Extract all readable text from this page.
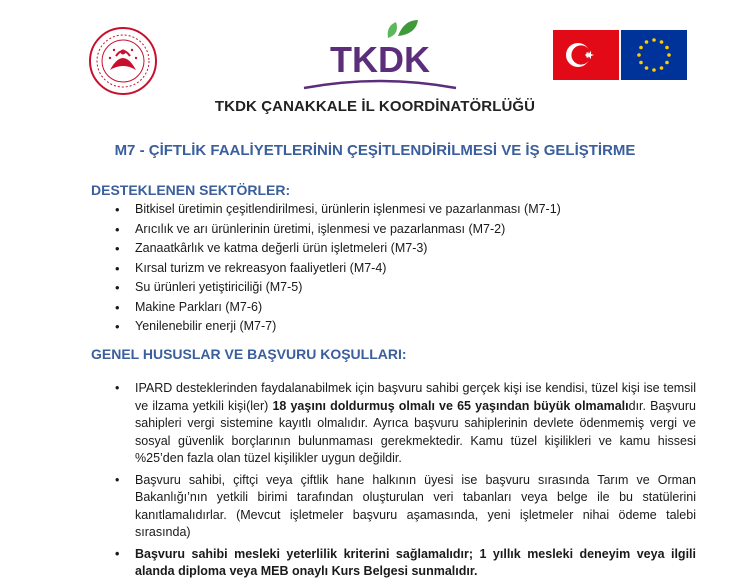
TKDK
TKDK ÇANAKKALE İL KOORDİNATÖRLÜĞÜ
M7 - ÇİFTLİK FAALİYETLERİNİN ÇEŞİTLENDİRİLMESİ VE İŞ GELİŞTİRME
DESTEKLENEN SEKTÖRLER:
• Bitkisel üretimin çeşitlendirilmesi, ürünlerin işlenmesi ve pazarlanması (M7-1)
• Arıcılık ve arı ürünlerinin üretimi, işlenmesi ve pazarlanması (M7-2)
• Zanaatkârlık ve katma değerli ürün işletmeleri (M7-3)
• Kırsal turizm ve rekreasyon faaliyetleri (M7-4)
• Su ürünleri yetiştiriciliği (M7-5)
• Makine Parkları (M7-6)
• Yenilenebilir enerji (M7-7)
GENEL HUSUSLAR VE BAŞVURU KOŞULLARI:

• IPARD desteklerinden faydalanabilmek için başvuru sahibi gerçek kişi ise kendisi, tüzel kişi ise temsil ve ilzama yetkili kişi(ler) 18 yaşını doldurmuş olmalı ve 65 yaşından büyük olmamalıdır. Başvuru sahipleri vergi sistemine kayıtlı olmalıdır. Ayrıca başvuru sahiplerinin devlete ödenmemiş vergi ve sosyal güvenlik borçlarının bulunmaması gerekmektedir. Kamu tüzel kişilikleri ve kamu hissesi %25’den fazla olan tüzel kişilikler uygun değildir.

• Başvuru sahibi, çiftçi veya çiftlik hane halkının üyesi ise başvuru sırasında Tarım ve Orman Bakanlığı’nın yetkili birimi tarafından oluşturulan veri tabanları veya belge ile bu statülerini kanıtlamalıdırlar. (Mevcut işletmeler başvuru aşamasında, yeni işletmeler nihai ödeme talebi sırasında)

• Başvuru sahibi mesleki yeterlilik kriterini sağlamalıdır; 1 yıllık mesleki deneyim veya ilgili alanda diploma veya MEB onaylı Kurs Belgesi sunmalıdır.
